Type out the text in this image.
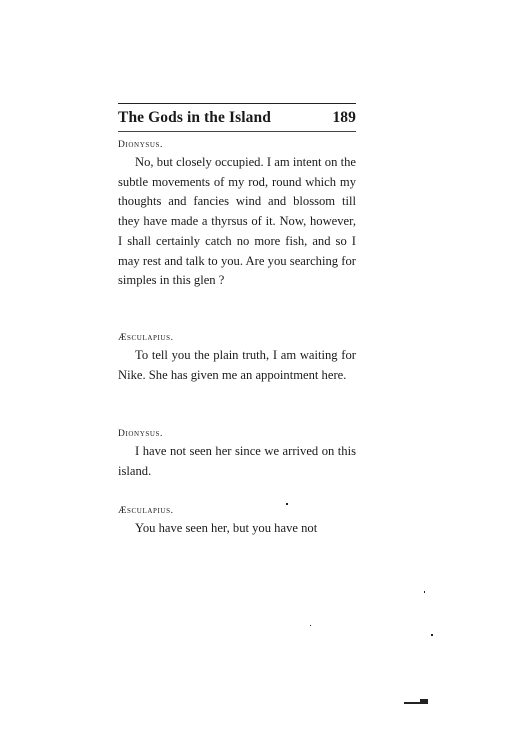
The Gods in the Island	189

Dionysus.

No, but closely occupied. I am intent on the subtle movements of my rod, round which my thoughts and fancies wind and blossom till they have made a thyrsus of it. Now, however, I shall certainly catch no more fish, and so I may rest and talk to you. Are you searching for simples in this glen ?

Æsculapius.

To tell you the plain truth, I am waiting for Nike. She has given me an appointment here.

Dionysus.

I have not seen her since we arrived on this island.

Æsculapius.

You have seen her, but you have not
